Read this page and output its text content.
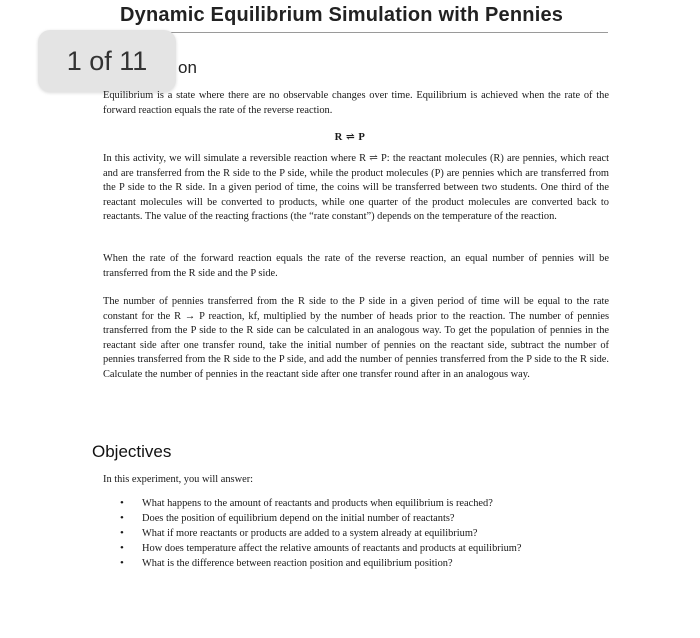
Dynamic Equilibrium Simulation with Pennies
1 of 11	on

Equilibrium is a state where there are no observable changes over time. Equilibrium is achieved when the rate of the forward reaction equals the rate of the reverse reaction.

R ⇌ P

In this activity, we will simulate a reversible reaction where R ⇌ P: the reactant molecules (R) are pennies, which react and are transferred from the R side to the P side, while the product molecules (P) are pennies which are transferred from the P side to the R side. In a given period of time, the coins will be transferred between two students. One third of the reactant molecules will be converted to products, while one quarter of the product molecules are converted back to reactants. The value of the reacting fractions (the “rate constant”) depends on the temperature of the reaction.

When the rate of the forward reaction equals the rate of the reverse reaction, an equal number of pennies will be transferred from the R side and the P side.

The number of pennies transferred from the R side to the P side in a given period of time will be equal to the rate constant for the R → P reaction, kf, multiplied by the number of heads prior to the reaction. The number of pennies transferred from the P side to the R side can be calculated in an analogous way. To get the population of pennies in the reactant side after one transfer round, take the initial number of pennies on the reactant side, subtract the number of pennies transferred from the R side to the P side, and add the number of pennies transferred from the P side to the R side. Calculate the number of pennies in the reactant side after one transfer round after in an analogous way.

Objectives

In this experiment, you will answer:

• What happens to the amount of reactants and products when equilibrium is reached?
• Does the position of equilibrium depend on the initial number of reactants?
• What if more reactants or products are added to a system already at equilibrium?
• How does temperature affect the relative amounts of reactants and products at equilibrium?
• What is the difference between reaction position and equilibrium position?
